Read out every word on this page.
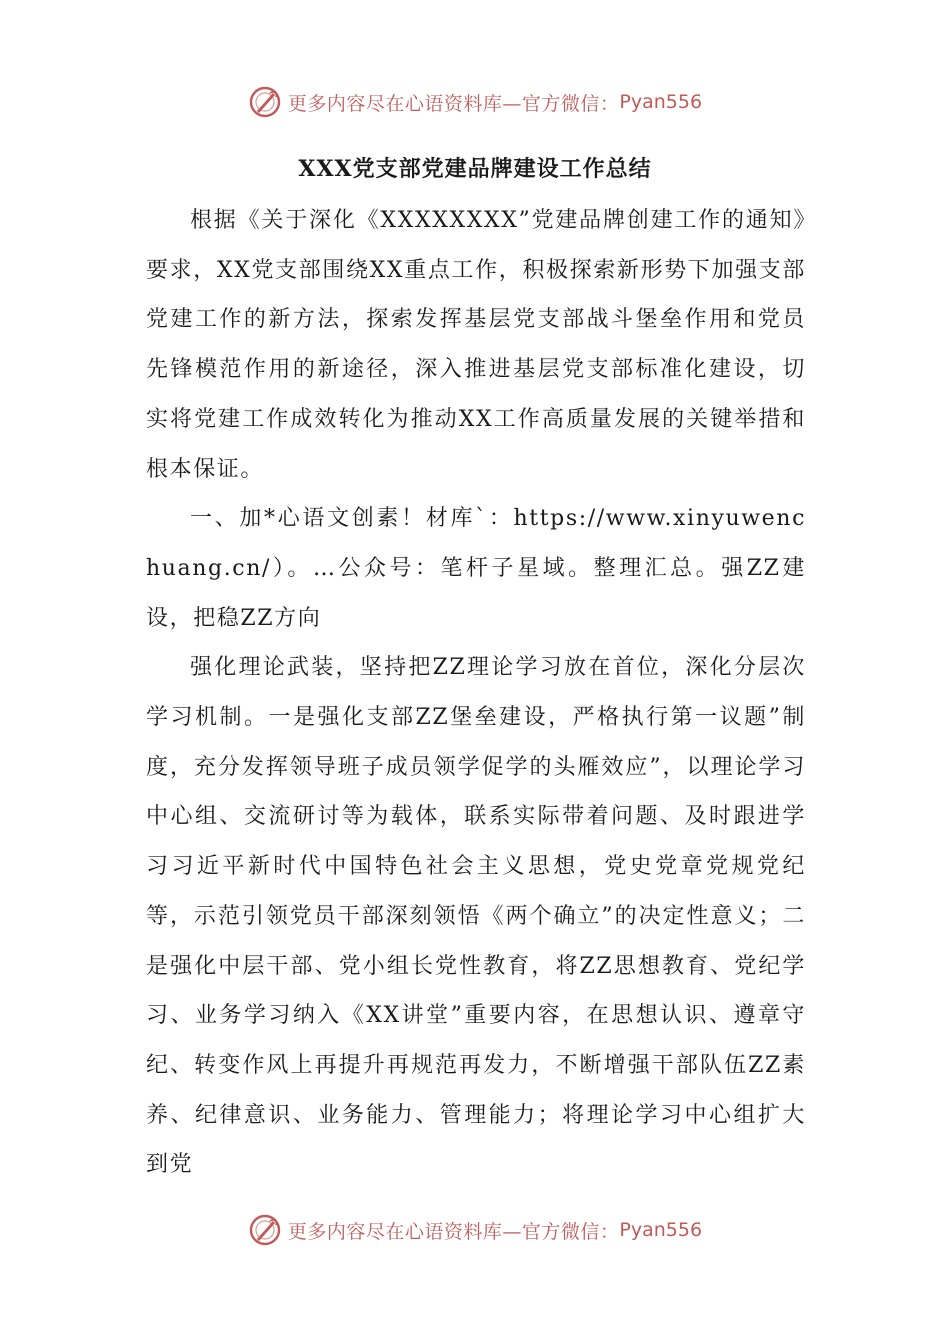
更多内容尽在心语资料库—官方微信： Pyan556
XXX党支部党建品牌建设工作总结

根据《关于深化《XXXXXXXX”党建品牌创建工作的通知》要求，XX党支部围绕XX重点工作，积极探索新形势下加强支部党建工作的新方法，探索发挥基层党支部战斗堡垒作用和党员先锋模范作用的新途径，深入推进基层党支部标准化建设，切实将党建工作成效转化为推动XX工作高质量发展的关键举措和根本保证。

一、加*心语文创素！材库`：https://www.xinyuwenchuang.cn/）。…公众号：笔杆子星域。整理汇总。强ZZ建设，把稳ZZ方向

强化理论武装，坚持把ZZ理论学习放在首位，深化分层次学习机制。一是强化支部ZZ堡垒建设，严格执行第一议题”制度，充分发挥领导班子成员领学促学的头雁效应”，以理论学习中心组、交流研讨等为载体，联系实际带着问题、及时跟进学习习近平新时代中国特色社会主义思想，党史党章党规党纪等，示范引领党员干部深刻领悟《两个确立”的决定性意义；二是强化中层干部、党小组长党性教育，将ZZ思想教育、党纪学习、业务学习纳入《XX讲堂”重要内容，在思想认识、遵章守纪、转变作风上再提升再规范再发力，不断增强干部队伍ZZ素养、纪律意识、业务能力、管理能力；将理论学习中心组扩大到党

更多内容尽在心语资料库—官方微信： Pyan556
